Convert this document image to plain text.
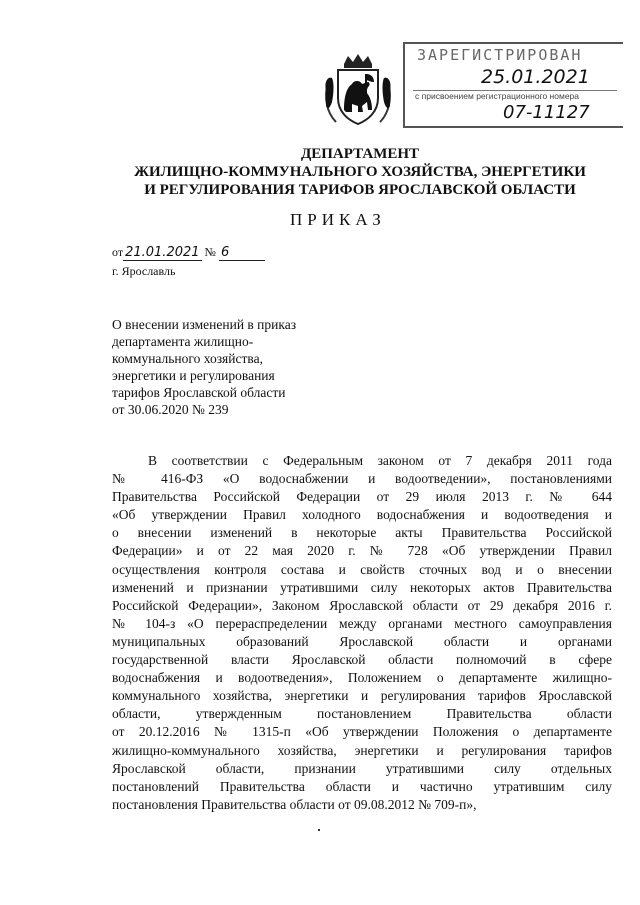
ЗАРЕГИСТРИРОВАН
25.01.2021
с присвоением регистрационного номера
07-11127
ДЕПАРТАМЕНТ
ЖИЛИЩНО-КОММУНАЛЬНОГО ХОЗЯЙСТВА, ЭНЕРГЕТИКИ
И РЕГУЛИРОВАНИЯ ТАРИФОВ ЯРОСЛАВСКОЙ ОБЛАСТИ
ПРИКАЗ
от 21.01.2021 № 6
г. Ярославль
О внесении изменений в приказ
департамента жилищно-
коммунального хозяйства,
энергетики и регулирования
тарифов Ярославской области
от 30.06.2020 № 239
В соответствии с Федеральным законом от 7 декабря 2011 года
№ 416-ФЗ «О водоснабжении и водоотведении», постановлениями
Правительства Российской Федерации от 29 июля 2013 г. № 644
«Об утверждении Правил холодного водоснабжения и водоотведения и
о внесении изменений в некоторые акты Правительства Российской
Федерации» и от 22 мая 2020 г. № 728 «Об утверждении Правил
осуществления контроля состава и свойств сточных вод и о внесении
изменений и признании утратившими силу некоторых актов Правительства
Российской Федерации», Законом Ярославской области от 29 декабря 2016 г.
№ 104-з «О перераспределении между органами местного самоуправления
муниципальных образований Ярославской области и органами
государственной власти Ярославской области полномочий в сфере
водоснабжения и водоотведения», Положением о департаменте жилищно-
коммунального хозяйства, энергетики и регулирования тарифов Ярославской
области, утвержденным постановлением Правительства области
от 20.12.2016 № 1315-п «Об утверждении Положения о департаменте
жилищно-коммунального хозяйства, энергетики и регулирования тарифов
Ярославской области, признании утратившими силу отдельных
постановлений Правительства области и частично утратившим силу
постановления Правительства области от 09.08.2012 № 709-п»,
